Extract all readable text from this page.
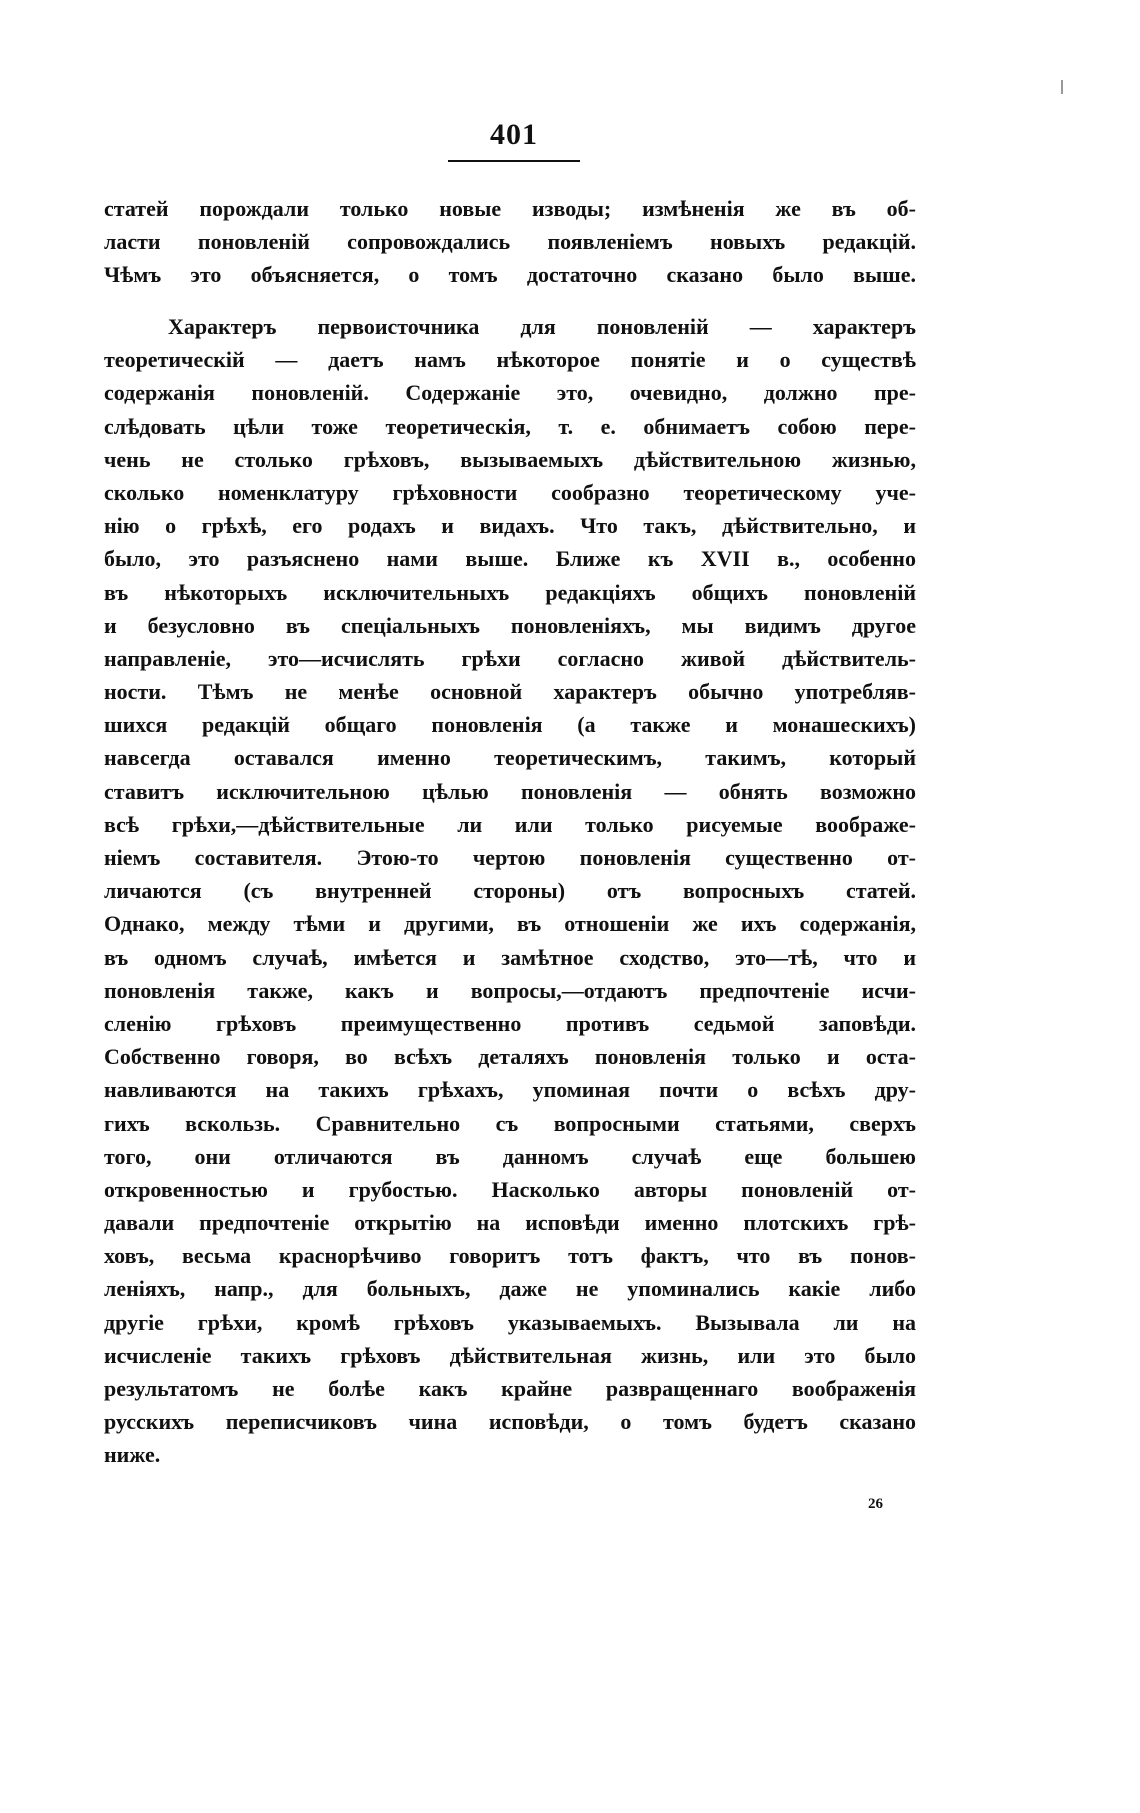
401
статей порождали только новые изводы; измѣненія же въ об-
ласти поновленій сопровождались появленіемъ новыхъ редакцій.
Чѣмъ это объясняется, о томъ достаточно сказано было выше.
Характеръ первоисточника для поновленій — характеръ
теоретическій — даетъ намъ нѣкоторое понятіе и о существѣ
содержанія поновленій. Содержаніе это, очевидно, должно пре-
слѣдовать цѣли тоже теоретическія, т. е. обнимаетъ собою пере-
чень не столько грѣховъ, вызываемыхъ дѣйствительною жизнью,
сколько номенклатуру грѣховности сообразно теоретическому уче-
нію о грѣхѣ, его родахъ и видахъ. Что такъ, дѣйствительно, и
было, это разъяснено нами выше. Ближе къ XVII в., особенно
въ нѣкоторыхъ исключительныхъ редакціяхъ общихъ поновленій
и безусловно въ спеціальныхъ поновленіяхъ, мы видимъ другое
направленіе, это—исчислять грѣхи согласно живой дѣйствитель-
ности. Тѣмъ не менѣе основной характеръ обычно употребляв-
шихся редакцій общаго поновленія (а также и монашескихъ)
навсегда оставался именно теоретическимъ, такимъ, который
ставитъ исключительною цѣлью поновленія — обнять возможно
всѣ грѣхи,—дѣйствительные ли или только рисуемые воображе-
ніемъ составителя. Этою-то чертою поновленія существенно от-
личаются (съ внутренней стороны) отъ вопросныхъ статей.
Однако, между тѣми и другими, въ отношеніи же ихъ содержанія,
въ одномъ случаѣ, имѣется и замѣтное сходство, это—тѣ, что и
поновленія также, какъ и вопросы,—отдаютъ предпочтеніе исчи-
сленію грѣховъ преимущественно противъ седьмой заповѣди.
Собственно говоря, во всѣхъ деталяхъ поновленія только и оста-
навливаются на такихъ грѣхахъ, упоминая почти о всѣхъ дру-
гихъ вскользь. Сравнительно съ вопросными статьями, сверхъ
того, они отличаются въ данномъ случаѣ еще большею
откровенностью и грубостью. Насколько авторы поновленій от-
давали предпочтеніе открытію на исповѣди именно плотскихъ грѣ-
ховъ, весьма краснорѣчиво говоритъ тотъ фактъ, что въ понов-
леніяхъ, напр., для больныхъ, даже не упоминались какіе либо
другіе грѣхи, кромѣ грѣховъ указываемыхъ. Вызывала ли на
исчисленіе такихъ грѣховъ дѣйствительная жизнь, или это было
результатомъ не болѣе какъ крайне развращеннаго воображенія
русскихъ переписчиковъ чина исповѣди, о томъ будетъ сказано
ниже.
26
